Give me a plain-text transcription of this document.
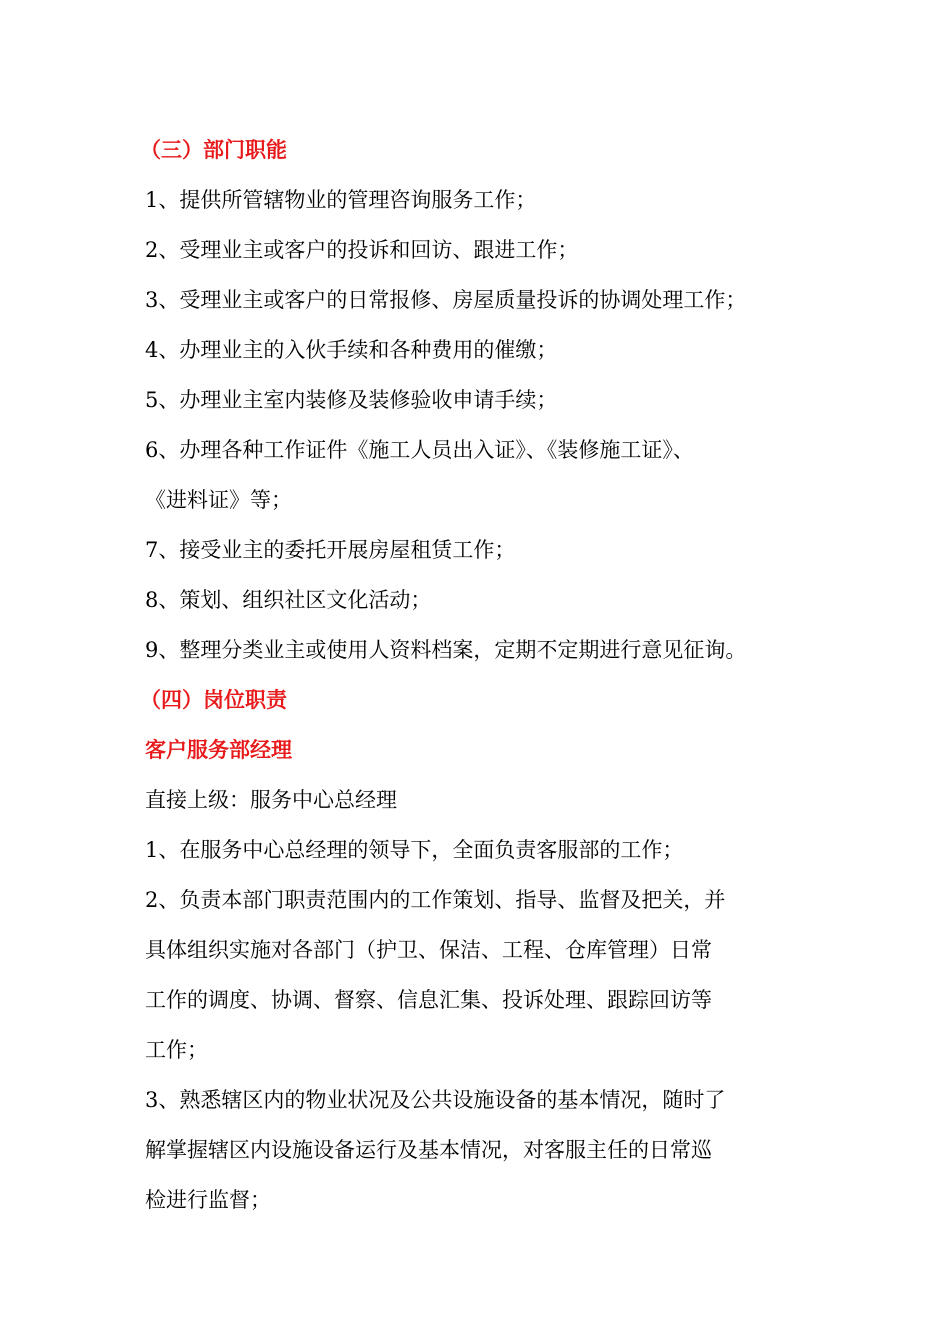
（三）部门职能
1、提供所管辖物业的管理咨询服务工作；
2、受理业主或客户的投诉和回访、跟进工作；
3、受理业主或客户的日常报修、房屋质量投诉的协调处理工作；
4、办理业主的入伙手续和各种费用的催缴；
5、办理业主室内装修及装修验收申请手续；
6、办理各种工作证件《施工人员出入证》、《装修施工证》、
《进料证》等；
7、接受业主的委托开展房屋租赁工作；
8、策划、组织社区文化活动；
9、整理分类业主或使用人资料档案，定期不定期进行意见征询。
（四）岗位职责
客户服务部经理
直接上级：服务中心总经理
1、在服务中心总经理的领导下，全面负责客服部的工作；
2、负责本部门职责范围内的工作策划、指导、监督及把关，并
具体组织实施对各部门（护卫、保洁、工程、仓库管理）日常
工作的调度、协调、督察、信息汇集、投诉处理、跟踪回访等
工作；
3、熟悉辖区内的物业状况及公共设施设备的基本情况，随时了
解掌握辖区内设施设备运行及基本情况，对客服主任的日常巡
检进行监督；
